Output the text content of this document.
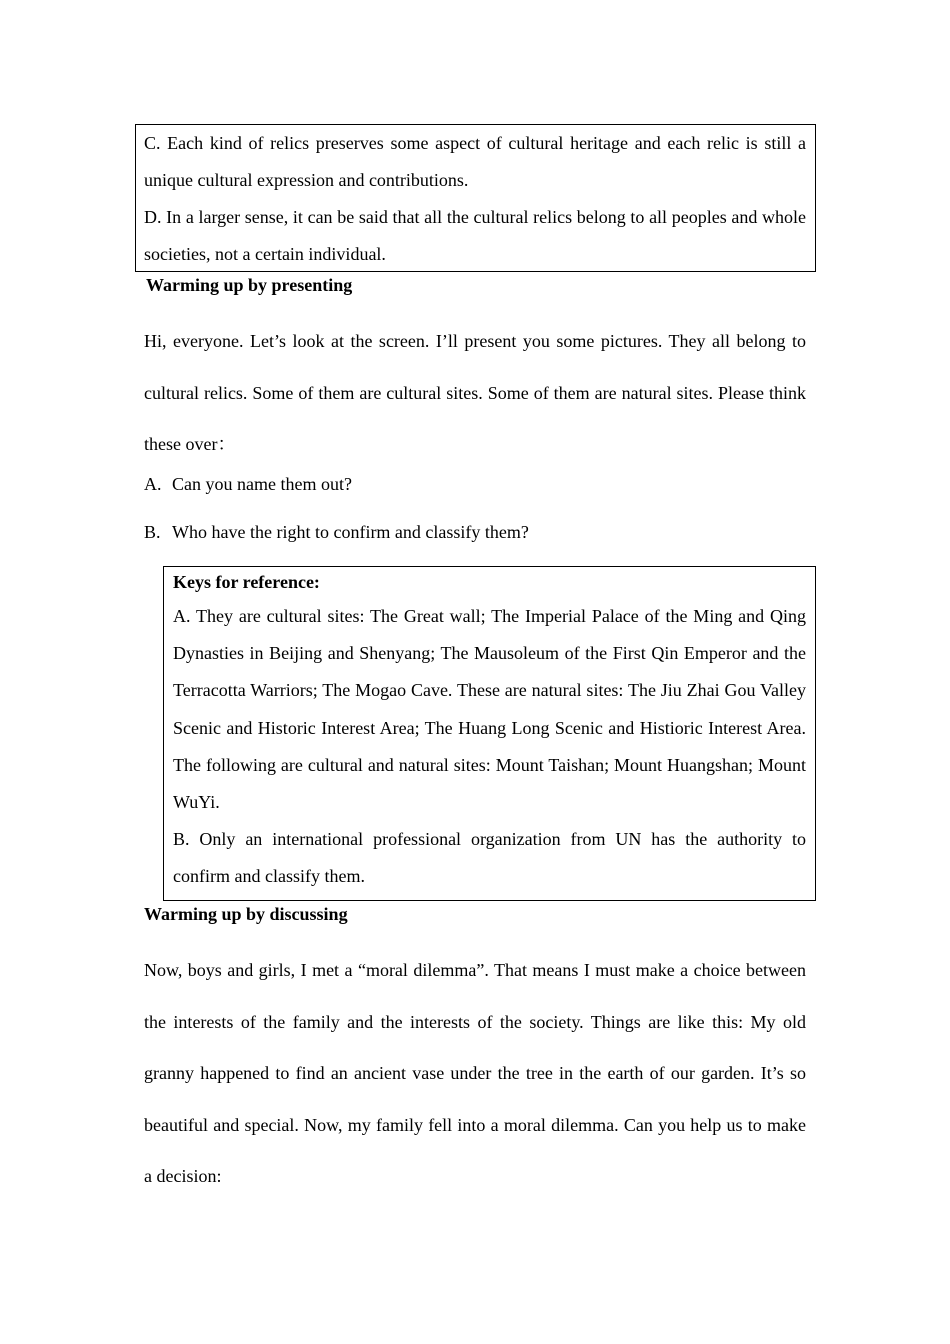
C. Each kind of relics preserves some aspect of cultural heritage and each relic is still a unique cultural expression and contributions.

D. In a larger sense, it can be said that all the cultural relics belong to all peoples and whole societies, not a certain individual.

Warming up by presenting

Hi, everyone. Let’s look at the screen. I’ll present you some pictures. They all belong to cultural relics. Some of them are cultural sites. Some of them are natural sites. Please think these over：

A. Can you name them out?

B. Who have the right to confirm and classify them?

Keys for reference:

A. They are cultural sites: The Great wall; The Imperial Palace of the Ming and Qing Dynasties in Beijing and Shenyang; The Mausoleum of the First Qin Emperor and the Terracotta Warriors; The Mogao Cave. These are natural sites: The Jiu Zhai Gou Valley Scenic and Historic Interest Area; The Huang Long Scenic and Histioric Interest Area. The following are cultural and natural sites: Mount Taishan; Mount Huangshan; Mount WuYi.

B. Only an international professional organization from UN has the authority to confirm and classify them.

Warming up by discussing

Now, boys and girls, I met a “moral dilemma”. That means I must make a choice between the interests of the family and the interests of the society. Things are like this: My old granny happened to find an ancient vase under the tree in the earth of our garden. It’s so beautiful and special. Now, my family fell into a moral dilemma. Can you help us to make a decision:
